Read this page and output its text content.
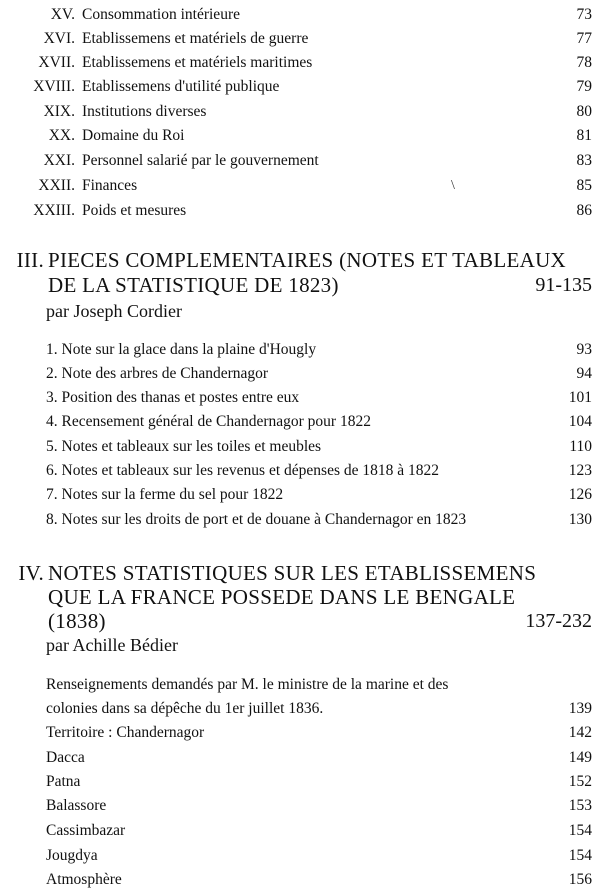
XV. Consommation intérieure	73
XVI. Etablissemens et matériels de guerre	77
XVII. Etablissemens et matériels maritimes	78
XVIII. Etablissemens d'utilité publique	79
XIX. Institutions diverses	80
XX. Domaine du Roi	81
XXI. Personnel salarié par le gouvernement	83
XXII. Finances	85
XXIII. Poids et mesures	86
\
III. PIECES COMPLEMENTAIRES (NOTES ET TABLEAUX
DE LA STATISTIQUE DE 1823)	91-135
par Joseph Cordier
1. Note sur la glace dans la plaine d'Hougly	93
2. Note des arbres de Chandernagor	94
3. Position des thanas et postes entre eux	101
4. Recensement général de Chandernagor pour 1822	104
5. Notes et tableaux sur les toiles et meubles	110
6. Notes et tableaux sur les revenus et dépenses de 1818 à 1822	123
7. Notes sur la ferme du sel pour 1822	126
8. Notes sur les droits de port et de douane à Chandernagor en 1823	130
IV. NOTES STATISTIQUES SUR LES ETABLISSEMENS
QUE LA FRANCE POSSEDE DANS LE BENGALE
(1838)	137-232
par Achille Bédier
Renseignements demandés par M. le ministre de la marine et des
colonies dans sa dépêche du 1er juillet 1836.	139
Territoire : Chandernagor	142
Dacca	149
Patna	152
Balassore	153
Cassimbazar	154
Jougdya	154
Atmosphère	156
